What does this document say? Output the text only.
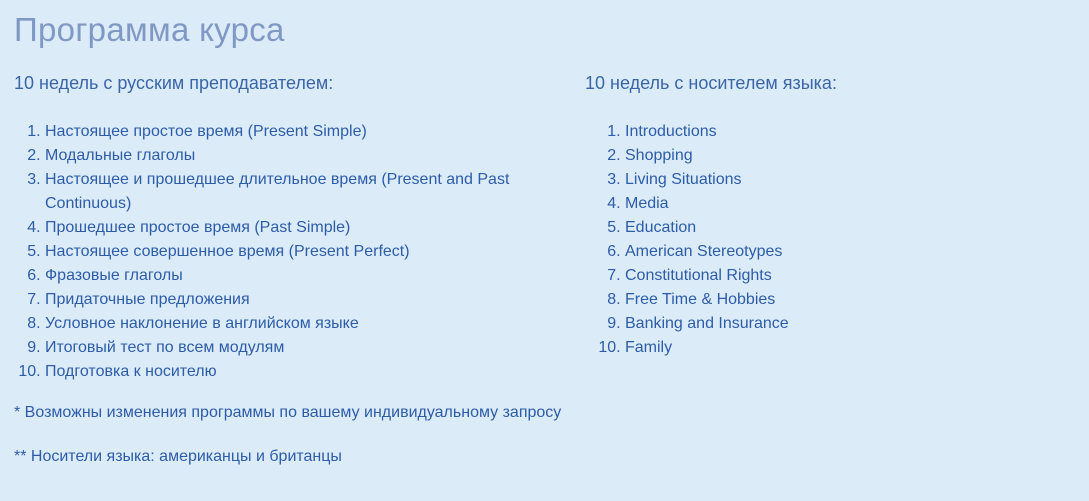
Программа курса
10 недель с русским преподавателем:
1. Настоящее простое время (Present Simple)
2. Модальные глаголы
3. Настоящее и прошедшее длительное время (Present and Past Continuous)
4. Прошедшее простое время (Past Simple)
5. Настоящее совершенное время (Present Perfect)
6. Фразовые глаголы
7. Придаточные предложения
8. Условное наклонение в английском языке
9. Итоговый тест по всем модулям
10. Подготовка к носителю
10 недель с носителем языка:
1. Introductions
2. Shopping
3. Living Situations
4. Media
5. Education
6. American Stereotypes
7. Constitutional Rights
8. Free Time & Hobbies
9. Banking and Insurance
10. Family

* Возможны изменения программы по вашему индивидуальному запросу

** Носители языка: американцы и британцы
